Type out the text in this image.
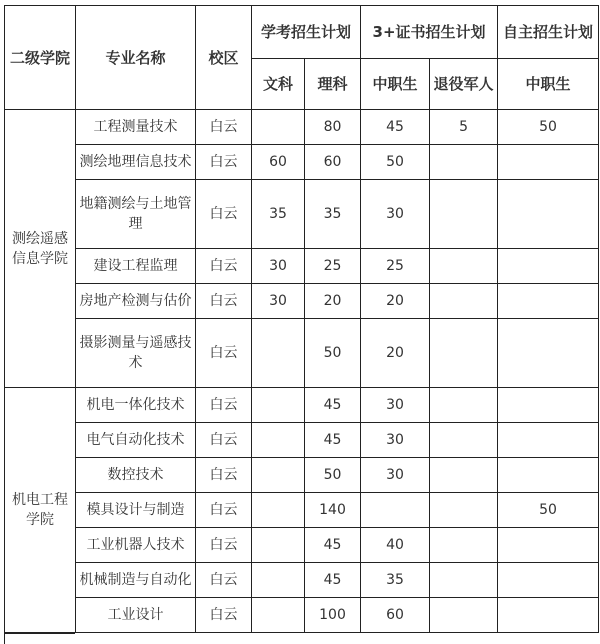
二级学院	专业名称	校区	学考招生计划		3+证书招生计划		自主招生计划
			文科	理科	中职生	退役军人	中职生
测绘遥感信息学院	工程测量技术	白云		80	45	5	50
	测绘地理信息技术	白云	60	60	50		
	地籍测绘与土地管理	白云	35	35	30		
	建设工程监理	白云	30	25	25		
	房地产检测与估价	白云	30	20	20		
	摄影测量与遥感技术	白云		50	20		
机电工程学院	机电一体化技术	白云		45	30		
	电气自动化技术	白云		45	30		
	数控技术	白云		50	30		
	模具设计与制造	白云		140			50
	工业机器人技术	白云		45	40		
	机械制造与自动化	白云		45	35		
	工业设计	白云		100	60		
